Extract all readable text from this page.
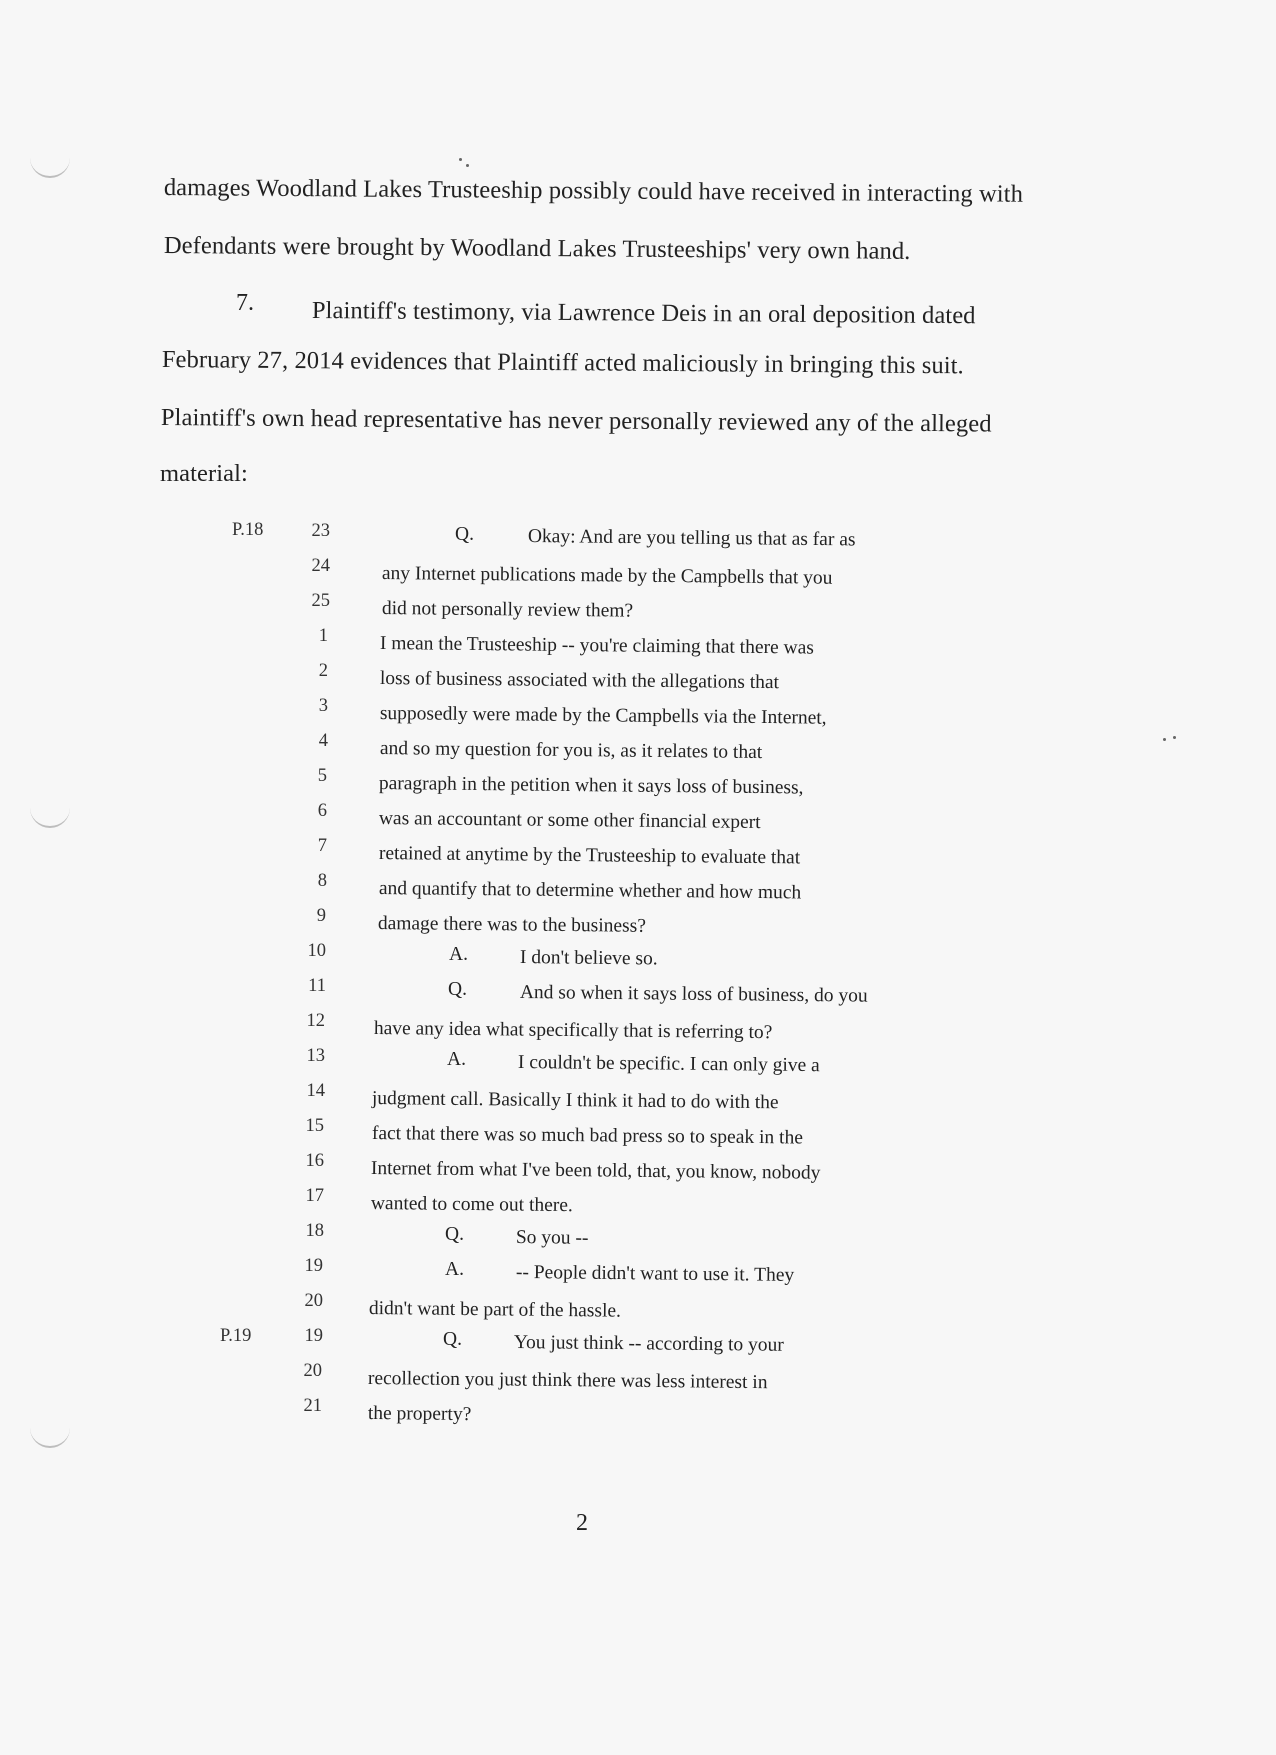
damages Woodland Lakes Trusteeship possibly could have received in interacting with
Defendants were brought by Woodland Lakes Trusteeships' very own hand.
7. Plaintiff's testimony, via Lawrence Deis in an oral deposition dated
February 27, 2014 evidences that Plaintiff acted maliciously in bringing this suit.
Plaintiff's own head representative has never personally reviewed any of the alleged
material:
P.18	23	Q.	Okay: And are you telling us that as far as
24	any Internet publications made by the Campbells that you
25	did not personally review them?
1	I mean the Trusteeship -- you're claiming that there was
2	loss of business associated with the allegations that
3	supposedly were made by the Campbells via the Internet,
4	and so my question for you is, as it relates to that
5	paragraph in the petition when it says loss of business,
6	was an accountant or some other financial expert
7	retained at anytime by the Trusteeship to evaluate that
8	and quantify that to determine whether and how much
9	damage there was to the business?
10	A.	I don't believe so.
11	Q.	And so when it says loss of business, do you
12	have any idea what specifically that is referring to?
13	A.	I couldn't be specific. I can only give a
14 judgment call. Basically I think it had to do with the
15 fact that there was so much bad press so to speak in the
16 Internet from what I've been told, that, you know, nobody
17 wanted to come out there.
18	Q.	So you --
19	A.	-- People didn't want to use it. They
20 didn't want be part of the hassle.
P.19	19	Q.	You just think -- according to your
20 recollection you just think there was less interest in
21 the property?
2
